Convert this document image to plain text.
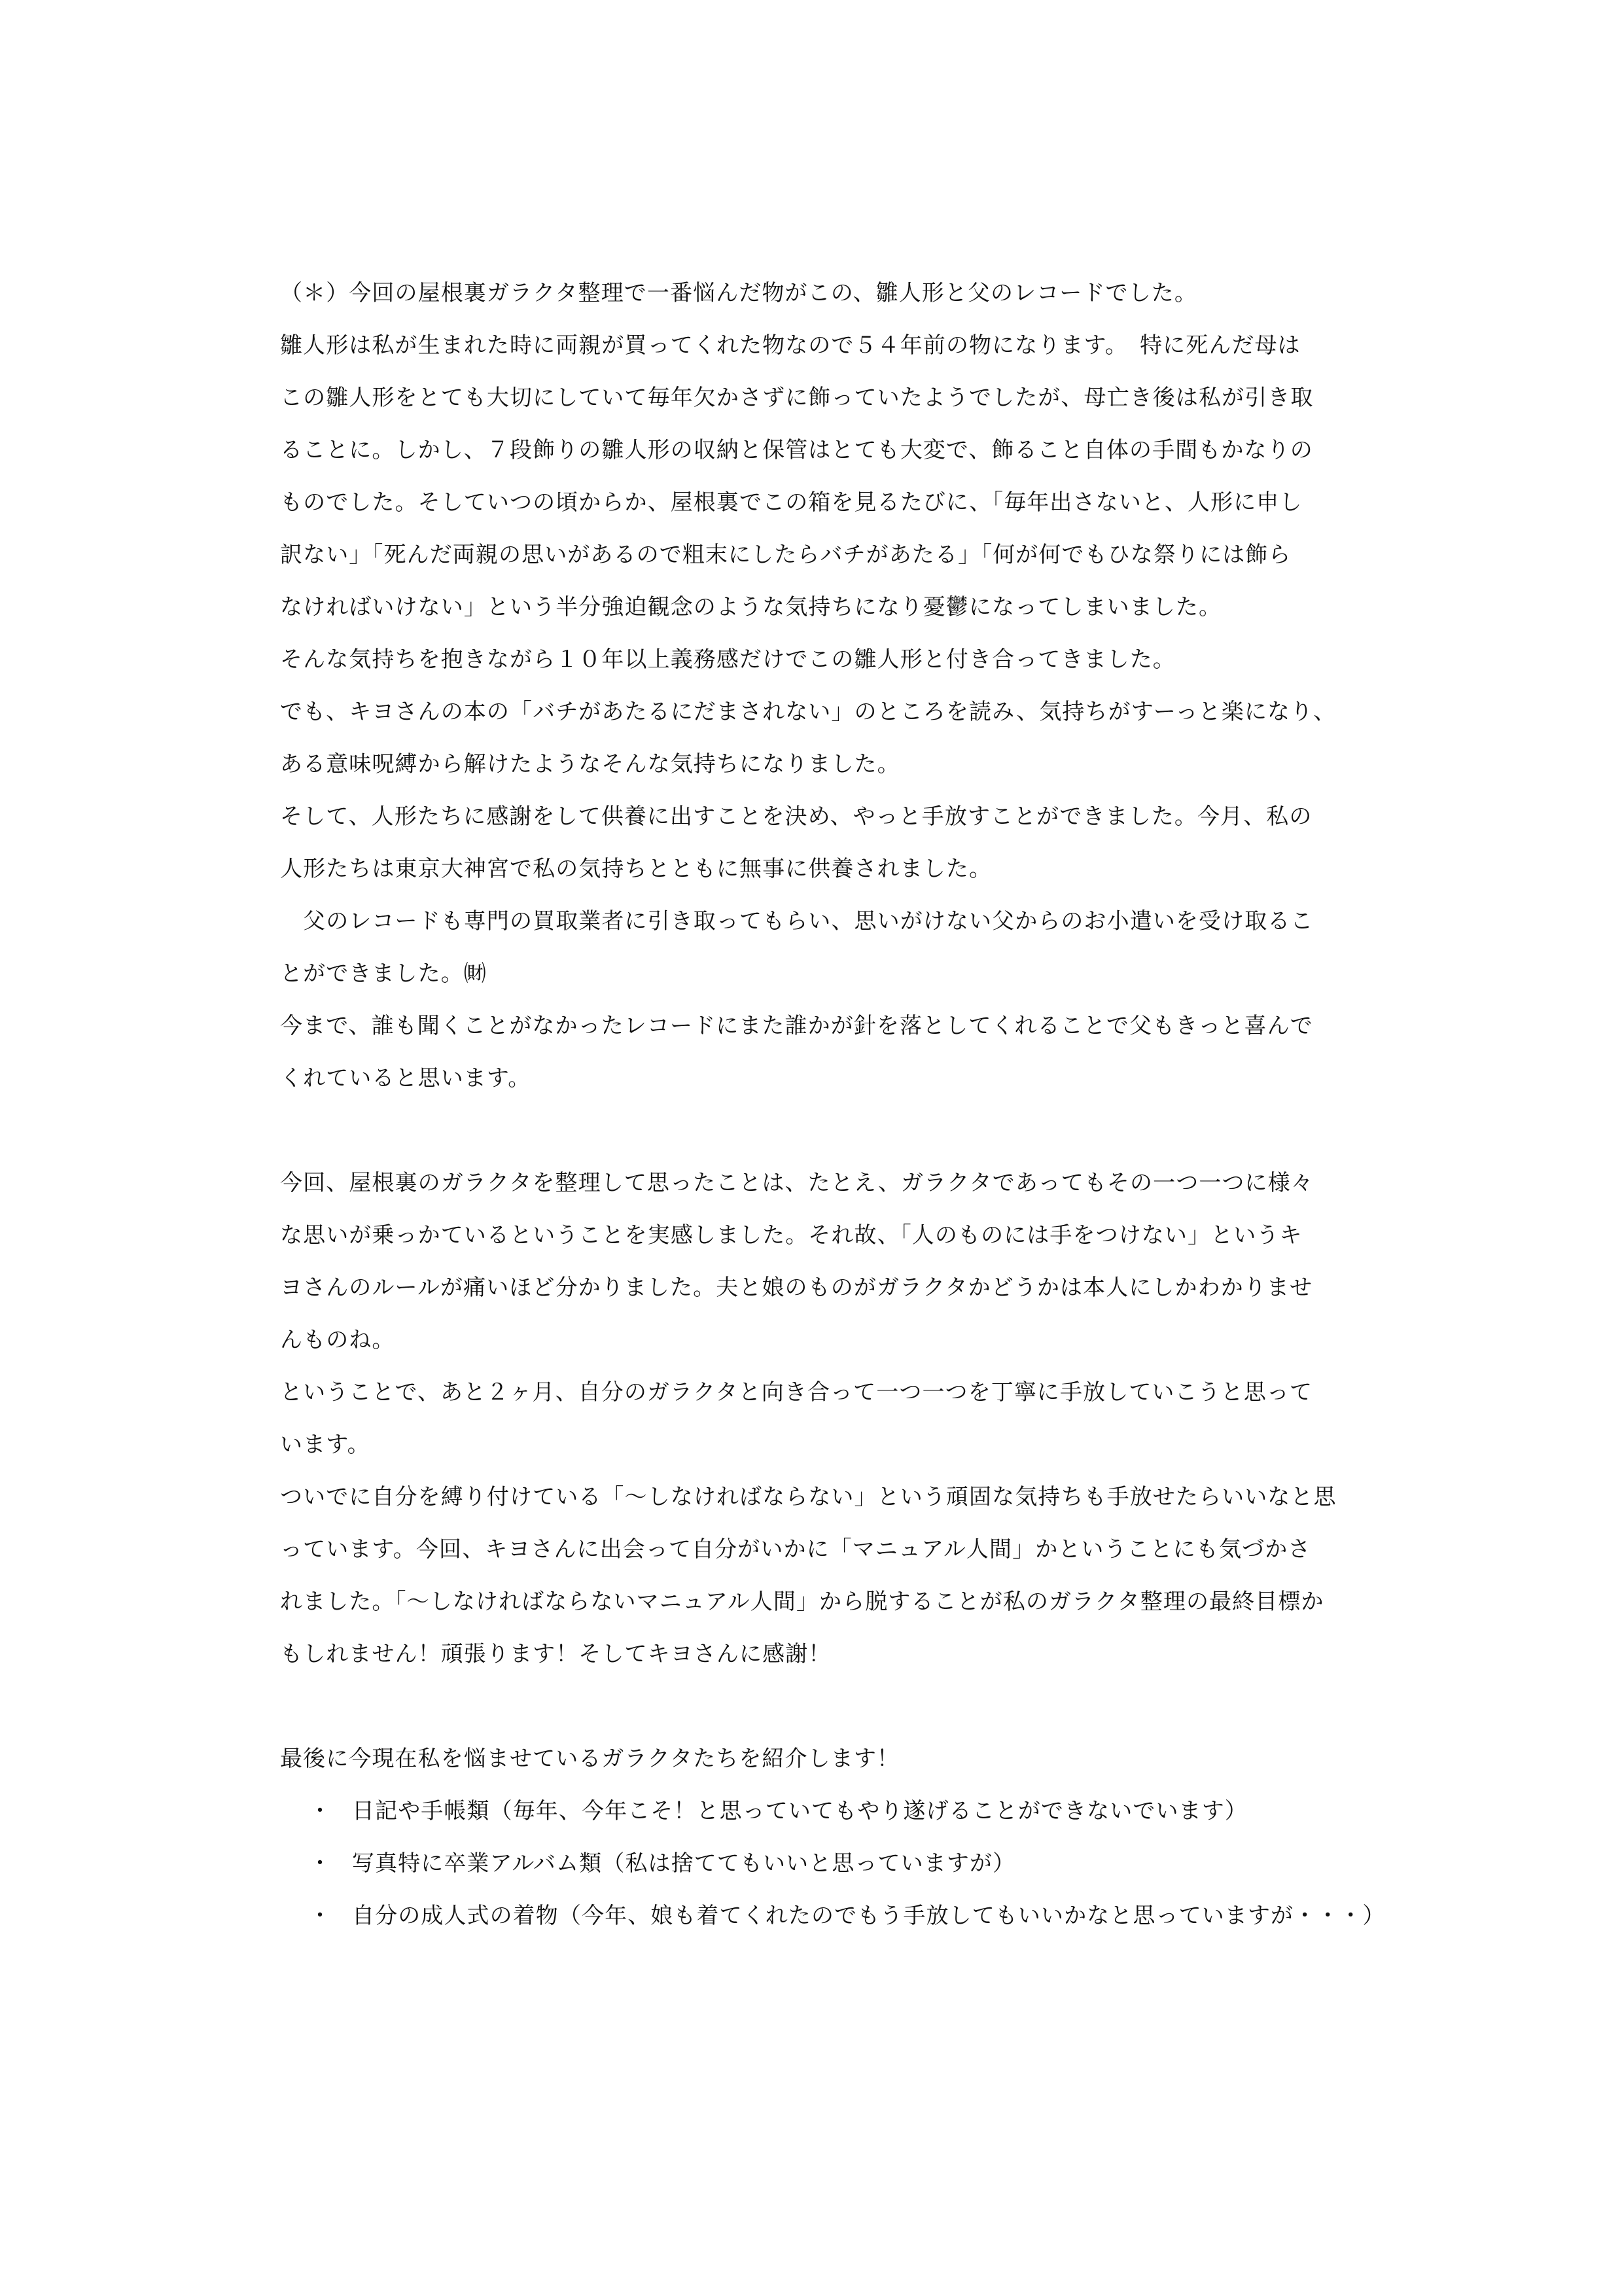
（＊）今回の屋根裏ガラクタ整理で一番悩んだ物がこの、雛人形と父のレコードでした。
雛人形は私が生まれた時に両親が買ってくれた物なので５４年前の物になります。　特に死んだ母は
この雛人形をとても大切にしていて毎年欠かさずに飾っていたようでしたが、母亡き後は私が引き取
ることに。しかし、７段飾りの雛人形の収納と保管はとても大変で、飾ること自体の手間もかなりの
ものでした。そしていつの頃からか、屋根裏でこの箱を見るたびに、「毎年出さないと、人形に申し
訳ない」「死んだ両親の思いがあるので粗末にしたらバチがあたる」「何が何でもひな祭りには飾ら
なければいけない」という半分強迫観念のような気持ちになり憂鬱になってしまいました。
そんな気持ちを抱きながら１０年以上義務感だけでこの雛人形と付き合ってきました。
でも、キヨさんの本の「バチがあたるにだまされない」のところを読み、気持ちがすーっと楽になり、
ある意味呪縛から解けたようなそんな気持ちになりました。
そして、人形たちに感謝をして供養に出すことを決め、やっと手放すことができました。今月、私の
人形たちは東京大神宮で私の気持ちとともに無事に供養されました。
　父のレコードも専門の買取業者に引き取ってもらい、思いがけない父からのお小遣いを受け取るこ
とができました。㈶
今まで、誰も聞くことがなかったレコードにまた誰かが針を落としてくれることで父もきっと喜んで
くれていると思います。
今回、屋根裏のガラクタを整理して思ったことは、たとえ、ガラクタであってもその一つ一つに様々
な思いが乗っかているということを実感しました。それ故、「人のものには手をつけない」というキ
ヨさんのルールが痛いほど分かりました。夫と娘のものがガラクタかどうかは本人にしかわかりませ
んものね。
ということで、あと２ヶ月、自分のガラクタと向き合って一つ一つを丁寧に手放していこうと思って
います。
ついでに自分を縛り付けている「〜しなければならない」という頑固な気持ちも手放せたらいいなと思
っています。今回、キヨさんに出会って自分がいかに「マニュアル人間」かということにも気づかさ
れました。「〜しなければならないマニュアル人間」から脱することが私のガラクタ整理の最終目標か
もしれません！頑張ります！そしてキヨさんに感謝！
最後に今現在私を悩ませているガラクタたちを紹介します！
・ 日記や手帳類（毎年、今年こそ！と思っていてもやり遂げることができないでいます）
・ 写真特に卒業アルバム類（私は捨ててもいいと思っていますが）
・ 自分の成人式の着物（今年、娘も着てくれたのでもう手放してもいいかなと思っていますが・・・）
